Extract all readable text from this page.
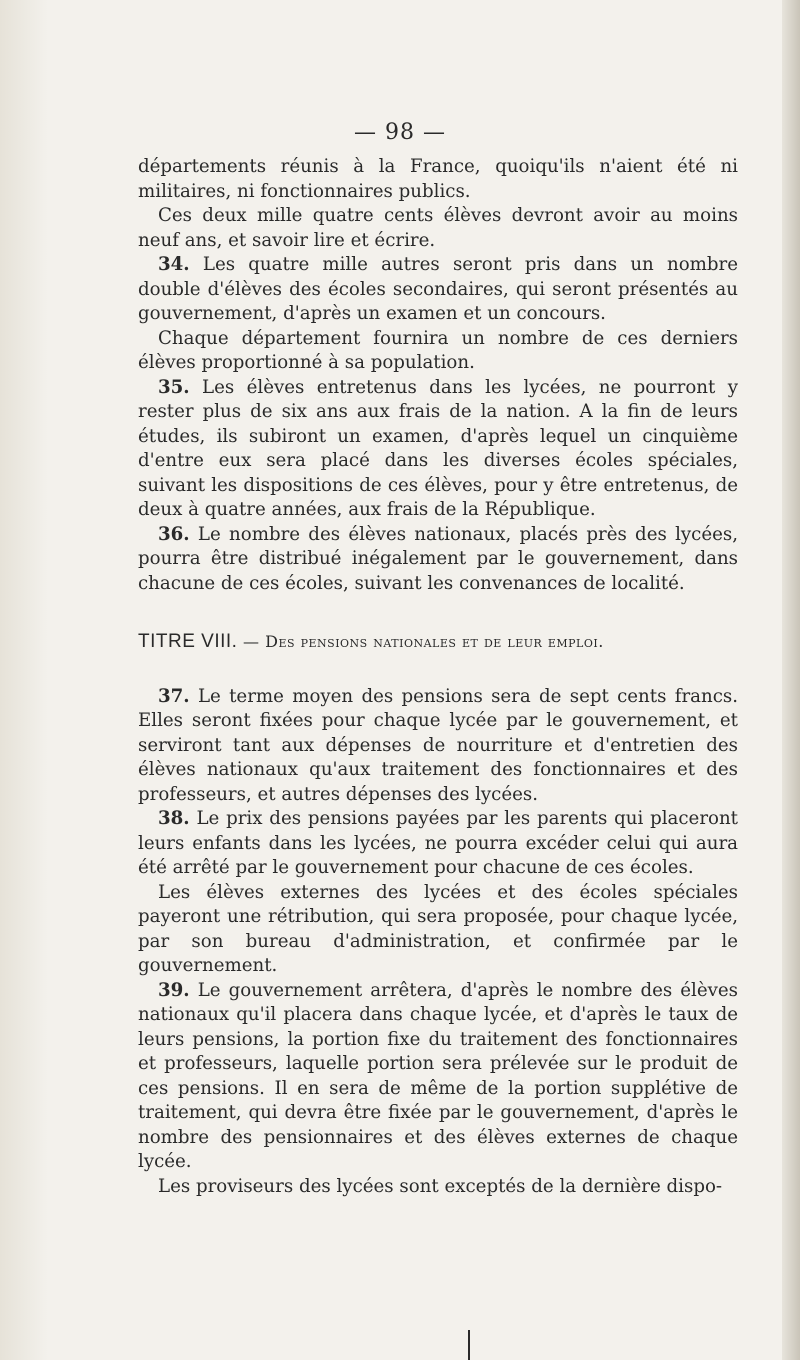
— 98 —

départements réunis à la France, quoiqu'ils n'aient été ni militaires, ni fonctionnaires publics.

Ces deux mille quatre cents élèves devront avoir au moins neuf ans, et savoir lire et écrire.

34. Les quatre mille autres seront pris dans un nombre double d'élèves des écoles secondaires, qui seront présentés au gouvernement, d'après un examen et un concours.

Chaque département fournira un nombre de ces derniers élèves proportionné à sa population.

35. Les élèves entretenus dans les lycées, ne pourront y rester plus de six ans aux frais de la nation. A la fin de leurs études, ils subiront un examen, d'après lequel un cinquième d'entre eux sera placé dans les diverses écoles spéciales, suivant les dispositions de ces élèves, pour y être entretenus, de deux à quatre années, aux frais de la République.

36. Le nombre des élèves nationaux, placés près des lycées, pourra être distribué inégalement par le gouvernement, dans chacune de ces écoles, suivant les convenances de localité.

TITRE VIII. — Des pensions nationales et de leur emploi.

37. Le terme moyen des pensions sera de sept cents francs. Elles seront fixées pour chaque lycée par le gouvernement, et serviront tant aux dépenses de nourriture et d'entretien des élèves nationaux qu'aux traitement des fonctionnaires et des professeurs, et autres dépenses des lycées.

38. Le prix des pensions payées par les parents qui placeront leurs enfants dans les lycées, ne pourra excéder celui qui aura été arrêté par le gouvernement pour chacune de ces écoles.

Les élèves externes des lycées et des écoles spéciales payeront une rétribution, qui sera proposée, pour chaque lycée, par son bureau d'administration, et confirmée par le gouvernement.

39. Le gouvernement arrêtera, d'après le nombre des élèves nationaux qu'il placera dans chaque lycée, et d'après le taux de leurs pensions, la portion fixe du traitement des fonctionnaires et professeurs, laquelle portion sera prélevée sur le produit de ces pensions. Il en sera de même de la portion supplétive de traitement, qui devra être fixée par le gouvernement, d'après le nombre des pensionnaires et des élèves externes de chaque lycée.

Les proviseurs des lycées sont exceptés de la dernière dispo-
